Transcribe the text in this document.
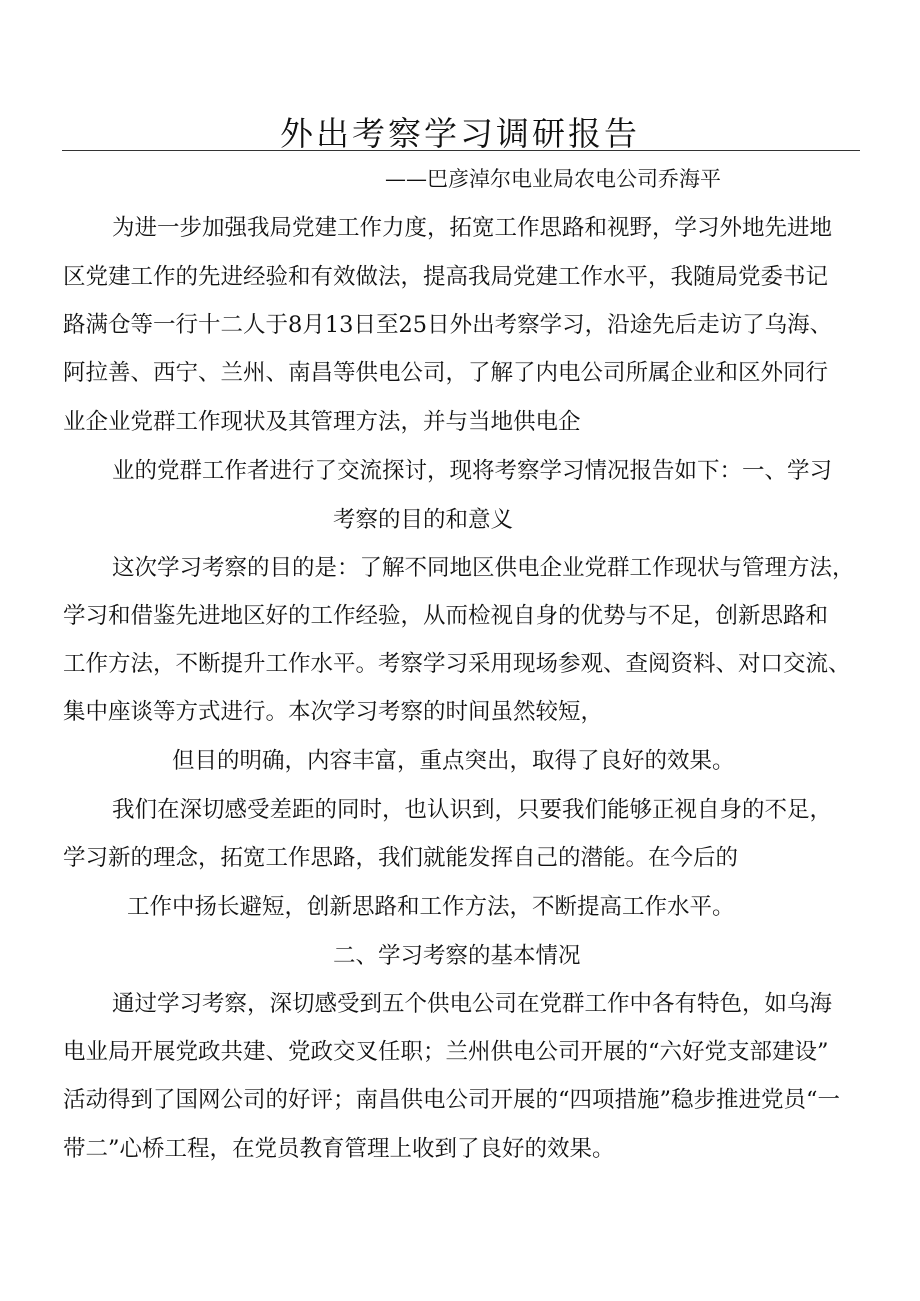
外出考察学习调研报告
——巴彦淖尔电业局农电公司乔海平
为进一步加强我局党建工作力度，拓宽工作思路和视野，学习外地先进地
区党建工作的先进经验和有效做法，提高我局党建工作水平，我随局党委书记
路满仓等一行十二人于8月13日至25日外出考察学习，沿途先后走访了乌海、
阿拉善、西宁、兰州、南昌等供电公司，了解了内电公司所属企业和区外同行
业企业党群工作现状及其管理方法，并与当地供电企
业的党群工作者进行了交流探讨，现将考察学习情况报告如下：一、学习
考察的目的和意义
这次学习考察的目的是：了解不同地区供电企业党群工作现状与管理方法，
学习和借鉴先进地区好的工作经验，从而检视自身的优势与不足，创新思路和
工作方法，不断提升工作水平。考察学习采用现场参观、查阅资料、对口交流、
集中座谈等方式进行。本次学习考察的时间虽然较短，
但目的明确，内容丰富，重点突出，取得了良好的效果。
我们在深切感受差距的同时，也认识到，只要我们能够正视自身的不足，
学习新的理念，拓宽工作思路，我们就能发挥自己的潜能。在今后的
工作中扬长避短，创新思路和工作方法，不断提高工作水平。
二、学习考察的基本情况
通过学习考察，深切感受到五个供电公司在党群工作中各有特色，如乌海
电业局开展党政共建、党政交叉任职；兰州供电公司开展的“六好党支部建设”
活动得到了国网公司的好评；南昌供电公司开展的“四项措施”稳步推进党员“一
带二”心桥工程，在党员教育管理上收到了良好的效果。
